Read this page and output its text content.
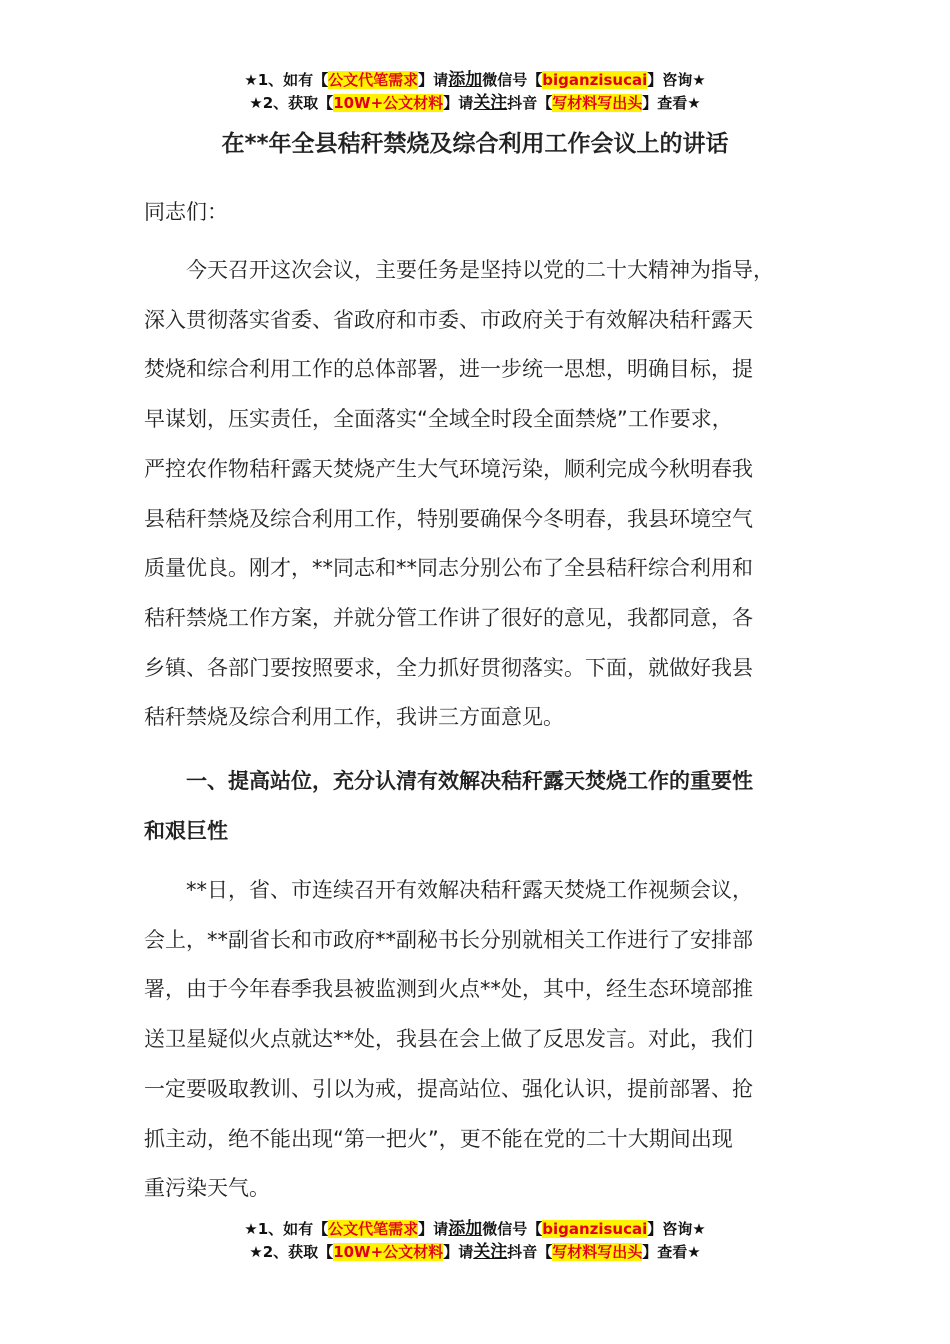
★1、如有【公文代笔需求】请添加微信号【biganzisucai】咨询★
★2、获取【10W+公文材料】请关注抖音【写材料写出头】查看★
在**年全县秸秆禁烧及综合利用工作会议上的讲话
同志们：
今天召开这次会议，主要任务是坚持以党的二十大精神为指导，
深入贯彻落实省委、省政府和市委、市政府关于有效解决秸秆露天
焚烧和综合利用工作的总体部署，进一步统一思想，明确目标，提
早谋划，压实责任，全面落实“全域全时段全面禁烧”工作要求，
严控农作物秸秆露天焚烧产生大气环境污染，顺利完成今秋明春我
县秸秆禁烧及综合利用工作，特别要确保今冬明春，我县环境空气
质量优良。刚才，**同志和**同志分别公布了全县秸秆综合利用和
秸秆禁烧工作方案，并就分管工作讲了很好的意见，我都同意，各
乡镇、各部门要按照要求，全力抓好贯彻落实。下面，就做好我县
秸秆禁烧及综合利用工作，我讲三方面意见。
一、提高站位，充分认清有效解决秸秆露天焚烧工作的重要性
和艰巨性
**日，省、市连续召开有效解决秸秆露天焚烧工作视频会议，
会上，**副省长和市政府**副秘书长分别就相关工作进行了安排部
署，由于今年春季我县被监测到火点**处，其中，经生态环境部推
送卫星疑似火点就达**处，我县在会上做了反思发言。对此，我们
一定要吸取教训、引以为戒，提高站位、强化认识，提前部署、抢
抓主动，绝不能出现“第一把火”，更不能在党的二十大期间出现
重污染天气。
★1、如有【公文代笔需求】请添加微信号【biganzisucai】咨询★
★2、获取【10W+公文材料】请关注抖音【写材料写出头】查看★
